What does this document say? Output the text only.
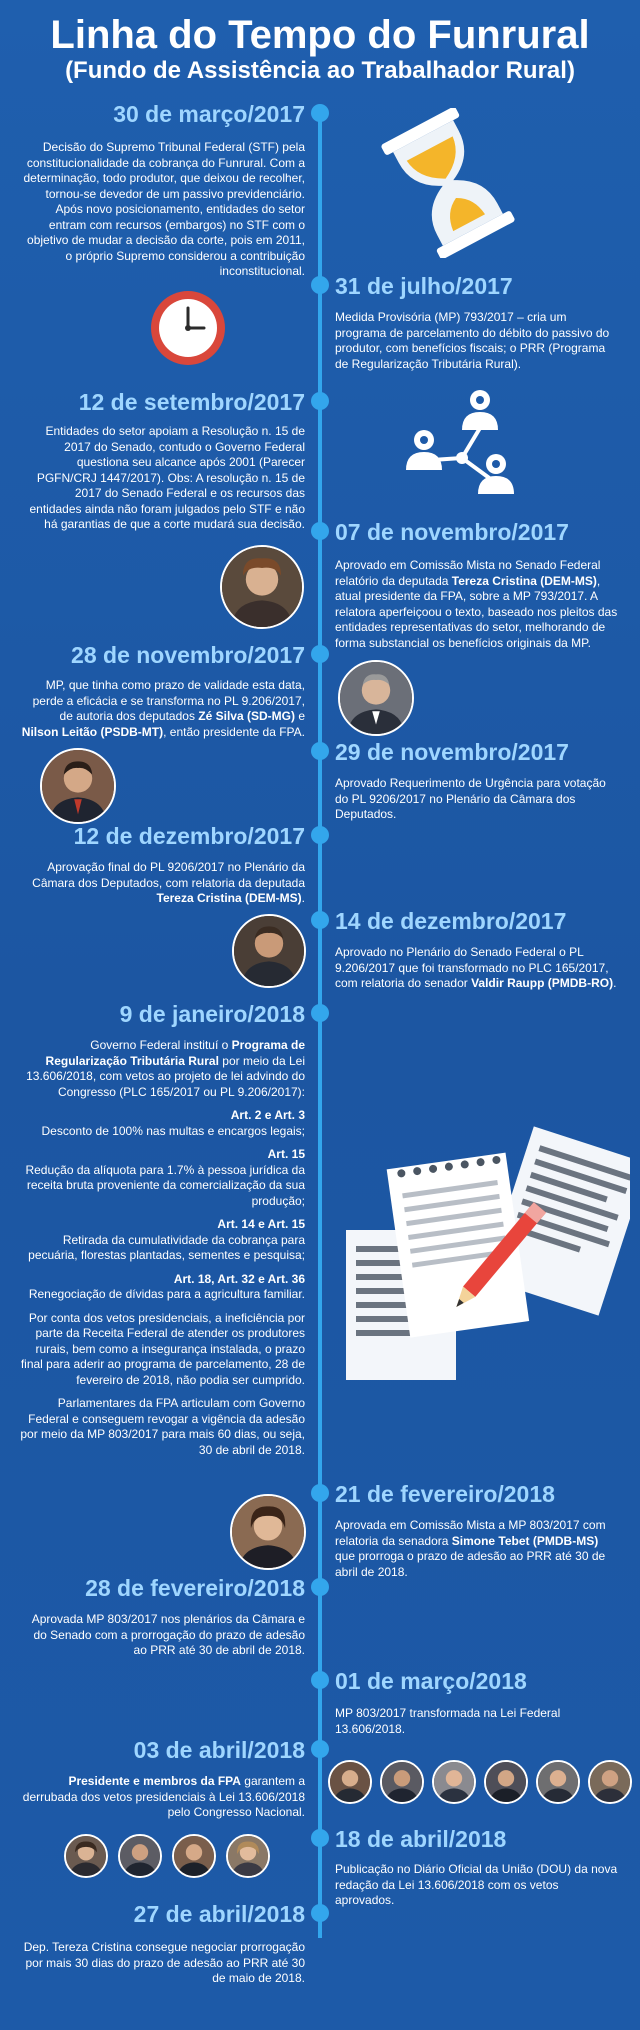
Linha do Tempo do Funrural
(Fundo de Assistência ao Trabalhador Rural)
30 de março/2017
Decisão do Supremo Tribunal Federal (STF) pela constitucionalidade da cobrança do Funrural. Com a determinação, todo produtor, que deixou de recolher, tornou-se devedor de um passivo previdenciário. Após novo posicionamento, entidades do setor entram com recursos (embargos) no STF com o objetivo de mudar a decisão da corte, pois em 2011, o próprio Supremo considerou a contribuição inconstitucional.
31 de julho/2017
Medida Provisória (MP) 793/2017 – cria um programa de parcelamento do débito do passivo do produtor, com benefícios fiscais; o PRR (Programa de Regularização Tributária Rural).
12 de setembro/2017
Entidades do setor apoiam a Resolução n. 15 de 2017 do Senado, contudo o Governo Federal questiona seu alcance após 2001 (Parecer PGFN/CRJ 1447/2017). Obs: A resolução n. 15 de 2017 do Senado Federal e os recursos das entidades ainda não foram julgados pelo STF e não há garantias de que a corte mudará sua decisão. 07 de novembro/2017
Aprovado em Comissão Mista no Senado Federal relatório da deputada Tereza Cristina (DEM-MS), atual presidente da FPA, sobre a MP 793/2017. A relatora aperfeiçoou o texto, baseado nos pleitos das entidades representativas do setor, melhorando de forma substancial os benefícios originais da MP.
28 de novembro/2017
MP, que tinha como prazo de validade esta data, perde a eficácia e se transforma no PL 9.206/2017, de autoria dos deputados Zé Silva (SD-MG) e Nilson Leitão (PSDB-MT), então presidente da FPA.
29 de novembro/2017
Aprovado Requerimento de Urgência para votação do PL 9206/2017 no Plenário da Câmara dos Deputados.
12 de dezembro/2017
Aprovação final do PL 9206/2017 no Plenário da Câmara dos Deputados, com relatoria da deputada Tereza Cristina (DEM-MS).
14 de dezembro/2017
Aprovado no Plenário do Senado Federal o PL 9.206/2017 que foi transformado no PLC 165/2017, com relatoria do senador Valdir Raupp (PMDB-RO).
9 de janeiro/2018
Governo Federal instituí o Programa de Regularização Tributária Rural por meio da Lei 13.606/2018, com vetos ao projeto de lei advindo do Congresso (PLC 165/2017 ou PL 9.206/2017):
Art. 2 e Art. 3
Desconto de 100% nas multas e encargos legais;
Art. 15
Redução da alíquota para 1.7% à pessoa jurídica da receita bruta proveniente da comercialização da sua produção;
Art. 14 e Art. 15
Retirada da cumulatividade da cobrança para pecuária, florestas plantadas, sementes e pesquisa;
Art. 18, Art. 32 e Art. 36
Renegociação de dívidas para a agricultura familiar.
Por conta dos vetos presidenciais, a ineficiência por parte da Receita Federal de atender os produtores rurais, bem como a insegurança instalada, o prazo final para aderir ao programa de parcelamento, 28 de fevereiro de 2018, não podia ser cumprido.
Parlamentares da FPA articulam com Governo Federal e conseguem revogar a vigência da adesão por meio da MP 803/2017 para mais 60 dias, ou seja, 30 de abril de 2018.
21 de fevereiro/2018
Aprovada em Comissão Mista a MP 803/2017 com relatoria da senadora Simone Tebet (PMDB-MS) que prorroga o prazo de adesão ao PRR até 30 de abril de 2018.
28 de fevereiro/2018
Aprovada MP 803/2017 nos plenários da Câmara e do Senado com a prorrogação do prazo de adesão ao PRR até 30 de abril de 2018.
01 de março/2018
MP 803/2017 transformada na Lei Federal 13.606/2018.
03 de abril/2018
Presidente e membros da FPA garantem a derrubada dos vetos presidenciais à Lei 13.606/2018 pelo Congresso Nacional.
18 de abril/2018
Publicação no Diário Oficial da União (DOU) da nova redação da Lei 13.606/2018 com os vetos aprovados.
27 de abril/2018
Dep. Tereza Cristina consegue negociar prorrogação por mais 30 dias do prazo de adesão ao PRR até 30 de maio de 2018.
